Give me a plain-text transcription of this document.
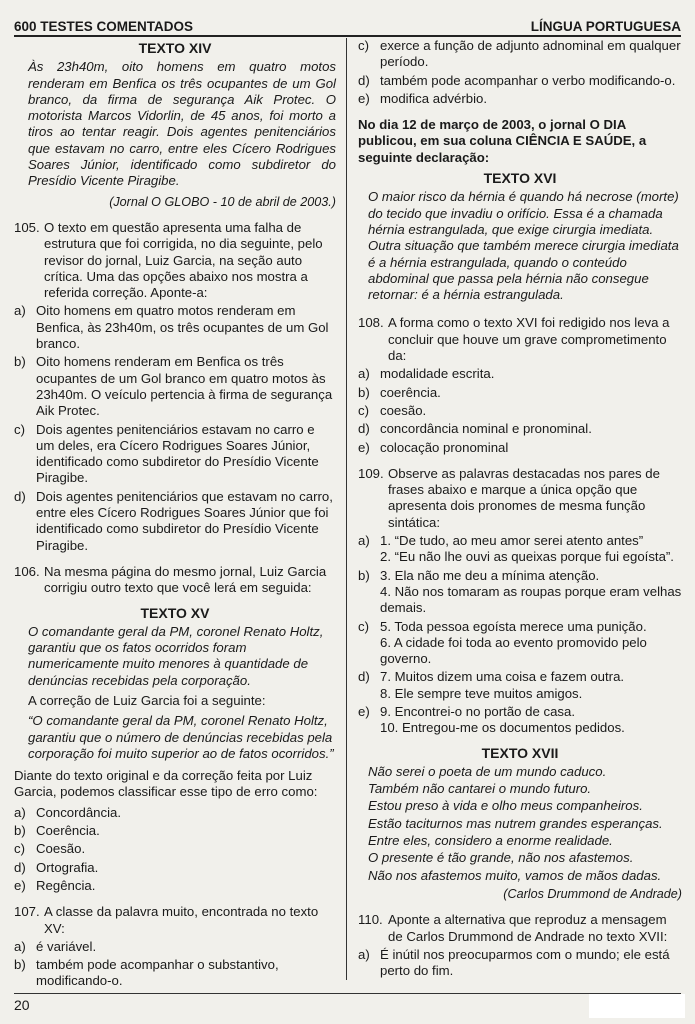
600 TESTES COMENTADOS	LÍNGUA PORTUGUESA
TEXTO XIV
Às 23h40m, oito homens em quatro motos renderam em Benfica os três ocupantes de um Gol branco, da firma de segurança Aik Protec. O motorista Marcos Vidorlin, de 45 anos, foi morto a tiros ao tentar reagir. Dois agentes penitenciários que estavam no carro, entre eles Cícero Rodrigues Soares Júnior, identificado como subdiretor do Presídio Vicente Piragibe.
(Jornal O GLOBO - 10 de abril de 2003.)
105. O texto em questão apresenta uma falha de estrutura que foi corrigida, no dia seguinte, pelo revisor do jornal, Luiz Garcia, na seção auto crítica. Uma das opções abaixo nos mostra a referida correção. Aponte-a:
a) Oito homens em quatro motos renderam em Benfica, às 23h40m, os três ocupantes de um Gol branco.
b) Oito homens renderam em Benfica os três ocupantes de um Gol branco em quatro motos às 23h40m. O veículo pertencia à firma de segurança Aik Protec.
c) Dois agentes penitenciários estavam no carro e um deles, era Cícero Rodrigues Soares Júnior, identificado como subdiretor do Presídio Vicente Piragibe.
d) Dois agentes penitenciários que estavam no carro, entre eles Cícero Rodrigues Soares Júnior que foi identificado como subdiretor do Presídio Vicente Piragibe.
106. Na mesma página do mesmo jornal, Luiz Garcia corrigiu outro texto que você lerá em seguida:
TEXTO XV
O comandante geral da PM, coronel Renato Holtz, garantiu que os fatos ocorridos foram numericamente muito menores à quantidade de denúncias recebidas pela corporação.
A correção de Luiz Garcia foi a seguinte:
“O comandante geral da PM, coronel Renato Holtz, garantiu que o número de denúncias recebidas pela corporação foi muito superior ao de fatos ocorridos.”
Diante do texto original e da correção feita por Luiz Garcia, podemos classificar esse tipo de erro como:
a) Concordância.
b) Coerência.
c) Coesão.
d) Ortografia.
e) Regência.
107. A classe da palavra muito, encontrada no texto XV:
a) é variável.
b) também pode acompanhar o substantivo, modificando-o.
c) exerce a função de adjunto adnominal em qualquer período.
d) também pode acompanhar o verbo modificando-o.
e) modifica advérbio.
No dia 12 de março de 2003, o jornal O DIA publicou, em sua coluna CIÊNCIA E SAÚDE, a seguinte declaração:
TEXTO XVI
O maior risco da hérnia é quando há necrose (morte) do tecido que invadiu o orifício. Essa é a chamada hérnia estrangulada, que exige cirurgia imediata. Outra situação que também merece cirurgia imediata é a hérnia estrangulada, quando o conteúdo abdominal que passa pela hérnia não consegue retornar: é a hérnia estrangulada.
108. A forma como o texto XVI foi redigido nos leva a concluir que houve um grave comprometimento da:
a) modalidade escrita.
b) coerência.
c) coesão.
d) concordância nominal e pronominal.
e) colocação pronominal
109. Observe as palavras destacadas nos pares de frases abaixo e marque a única opção que apresenta dois pronomes de mesma função sintática:
a) 1. “De tudo, ao meu amor serei atento antes”
2. “Eu não lhe ouvi as queixas porque fui egoísta”.
b) 3. Ela não me deu a mínima atenção.
4. Não nos tomaram as roupas porque eram velhas demais.
c) 5. Toda pessoa egoísta merece uma punição.
6. A cidade foi toda ao evento promovido pelo governo.
d) 7. Muitos dizem uma coisa e fazem outra.
8. Ele sempre teve muitos amigos.
e) 9. Encontrei-o no portão de casa.
10. Entregou-me os documentos pedidos.
TEXTO XVII
Não serei o poeta de um mundo caduco.
Também não cantarei o mundo futuro.
Estou preso à vida e olho meus companheiros.
Estão taciturnos mas nutrem grandes esperanças.
Entre eles, considero a enorme realidade.
O presente é tão grande, não nos afastemos.
Não nos afastemos muito, vamos de mãos dadas.
(Carlos Drummond de Andrade)
110. Aponte a alternativa que reproduz a mensagem de Carlos Drummond de Andrade no texto XVII:
a) É inútil nos preocuparmos com o mundo; ele está perto do fim.
20
